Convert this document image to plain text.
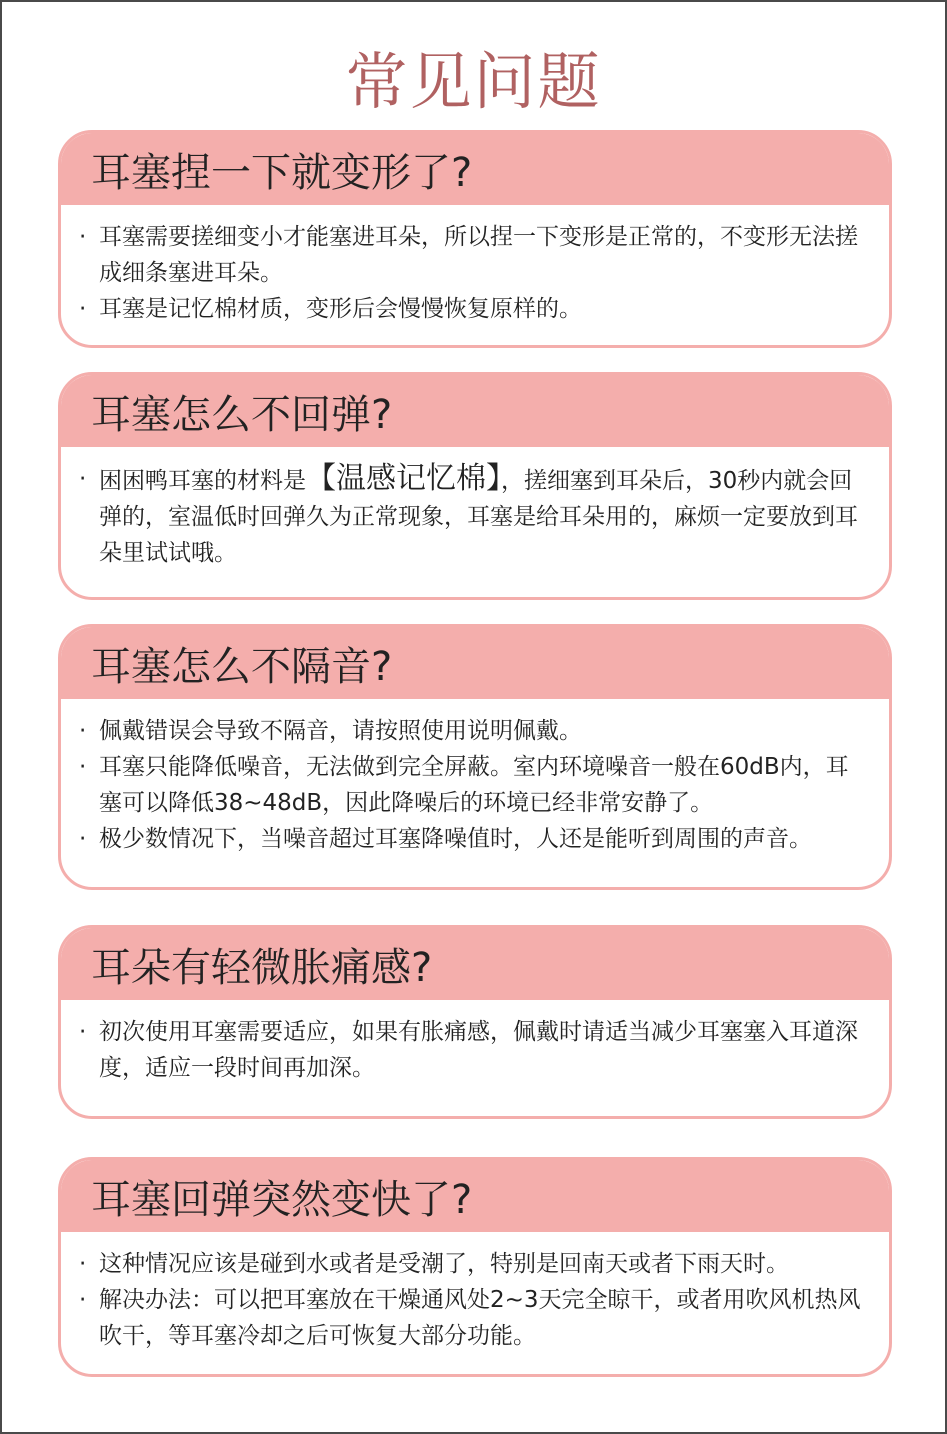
常见问题
耳塞捏一下就变形了?
· 耳塞需要搓细变小才能塞进耳朵，所以捏一下变形是正常的，不变形无法搓成细条塞进耳朵。
· 耳塞是记忆棉材质，变形后会慢慢恢复原样的。
耳塞怎么不回弹?
· 困困鸭耳塞的材料是【温感记忆棉】，搓细塞到耳朵后，30秒内就会回弹的，室温低时回弹久为正常现象，耳塞是给耳朵用的，麻烦一定要放到耳朵里试试哦。
耳塞怎么不隔音?
· 佩戴错误会导致不隔音，请按照使用说明佩戴。
· 耳塞只能降低噪音，无法做到完全屏蔽。室内环境噪音一般在60dB内，耳塞可以降低38~48dB，因此降噪后的环境已经非常安静了。
· 极少数情况下，当噪音超过耳塞降噪值时，人还是能听到周围的声音。
耳朵有轻微胀痛感?
· 初次使用耳塞需要适应，如果有胀痛感，佩戴时请适当减少耳塞塞入耳道深度，适应一段时间再加深。
耳塞回弹突然变快了?
· 这种情况应该是碰到水或者是受潮了，特别是回南天或者下雨天时。
· 解决办法：可以把耳塞放在干燥通风处2~3天完全晾干，或者用吹风机热风吹干，等耳塞冷却之后可恢复大部分功能。
